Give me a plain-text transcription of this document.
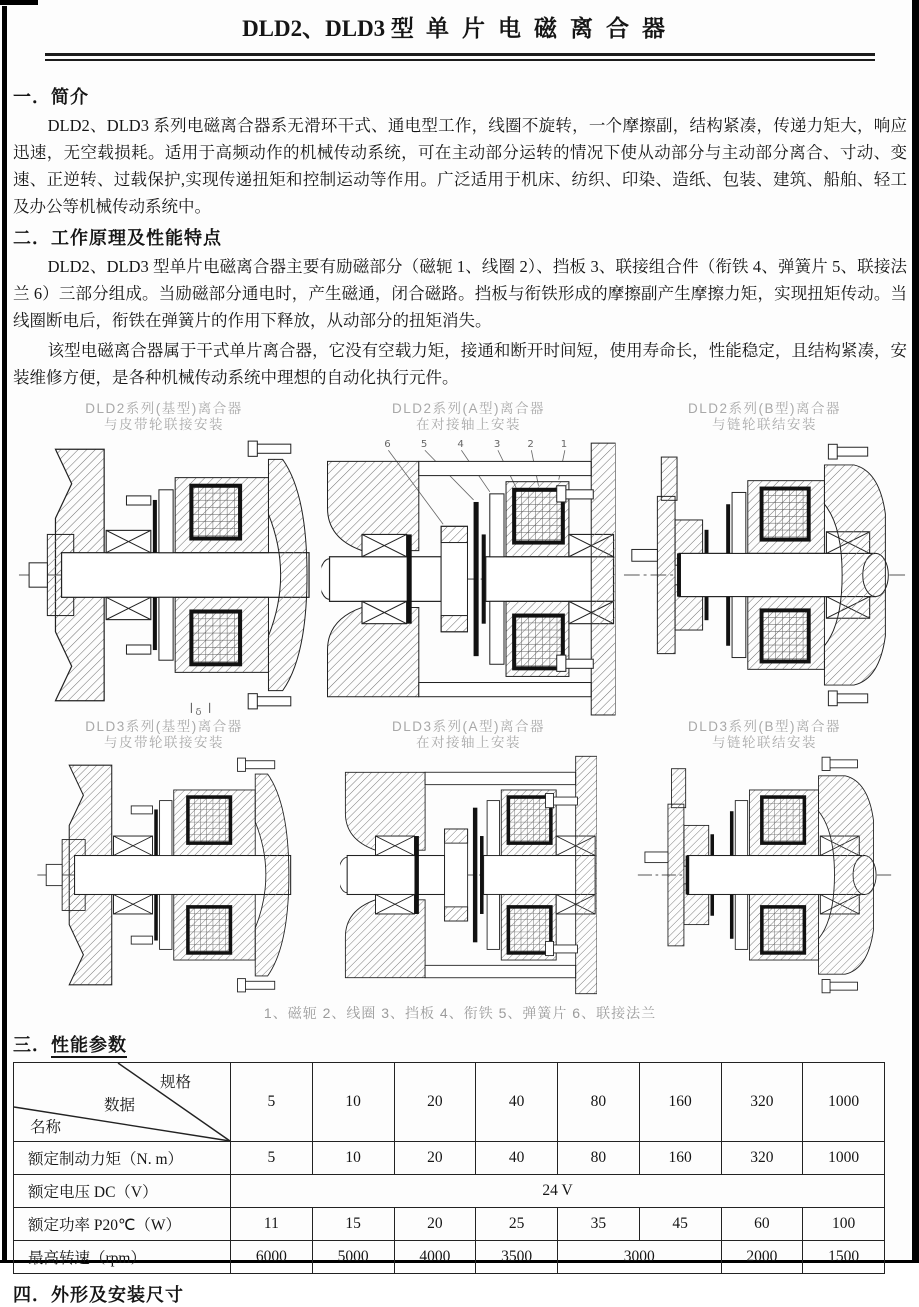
DLD2、DLD3 型 单片电磁离合器
一．简介

DLD2、DLD3 系列电磁离合器系无滑环干式、通电型工作，线圈不旋转，一个摩擦副，结构紧凑，传递力矩大，响应迅速，无空载损耗。适用于高频动作的机械传动系统，可在主动部分运转的情况下使从动部分与主动部分离合、寸动、变速、正逆转、过载保护,实现传递扭矩和控制运动等作用。广泛适用于机床、纺织、印染、造纸、包装、建筑、船舶、轻工及办公等机械传动系统中。

二．工作原理及性能特点

DLD2、DLD3 型单片电磁离合器主要有励磁部分（磁轭 1、线圈 2）、挡板 3、联接组合件（衔铁 4、弹簧片 5、联接法兰 6）三部分组成。当励磁部分通电时，产生磁通，闭合磁路。挡板与衔铁形成的摩擦副产生摩擦力矩，实现扭矩传动。当线圈断电后，衔铁在弹簧片的作用下释放，从动部分的扭矩消失。

该型电磁离合器属于干式单片离合器，它没有空载力矩，接通和断开时间短，使用寿命长，性能稳定，且结构紧凑，安装维修方便，是各种机械传动系统中理想的自动化执行元件。

DLD2系列(基型)离合器
与皮带轮联接安装
δ
DLD2系列(A型)离合器
在对接轴上安装
6	5	4	3	2	1
DLD2系列(B型)离合器
与链轮联结安装
DLD3系列(基型)离合器
与皮带轮联接安装
DLD3系列(A型)离合器
在对接轴上安装
DLD3系列(B型)离合器
与链轮联结安装
1、磁轭 2、线圈 3、挡板 4、衔铁 5、弹簧片 6、联接法兰
三．性能参数
规格
数据
名称	5	10	20	40	80	160	320	1000
额定制动力矩（N. m）	5	10	20	40	80	160	320	1000
额定电压 DC（V）	24 V							
额定功率 P20℃（W）	11	15	20	25	35	45	60	100
最高转速（rpm）	6000	5000	4000	3500	3000		2000	1500
四．外形及安装尺寸
